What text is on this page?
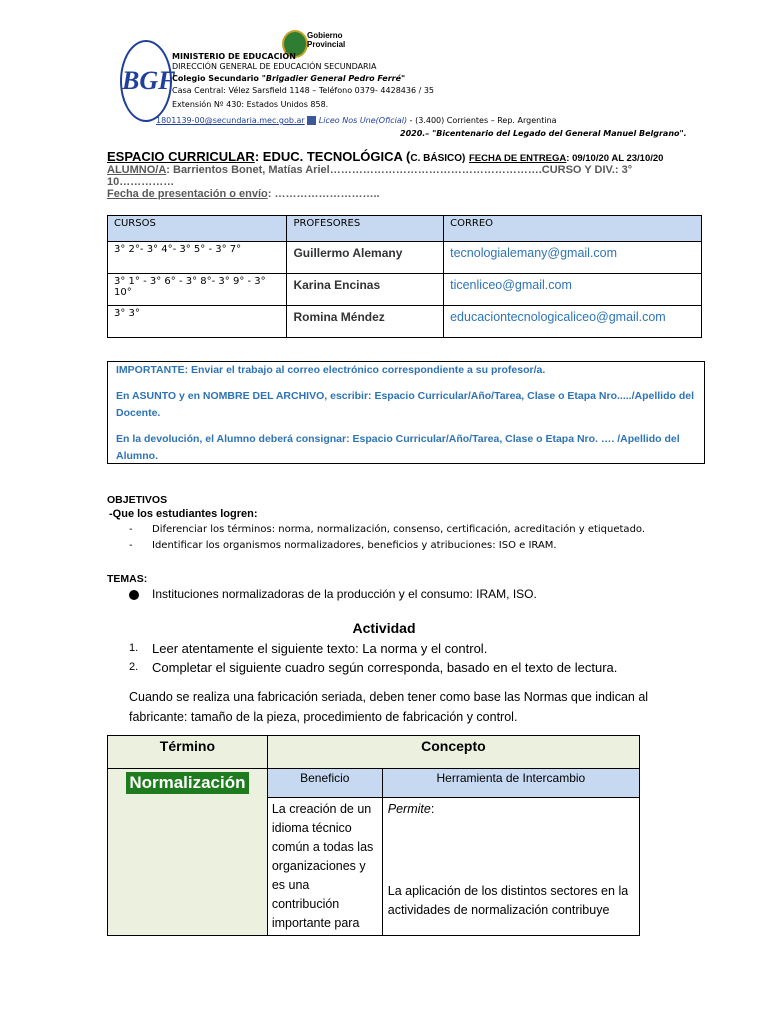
BGF
Gobierno
Provincial
MINISTERIO DE EDUCACIÓN
DIRECCIÓN GENERAL DE EDUCACIÓN SECUNDARIA
Colegio Secundario "Brigadier General Pedro Ferré"
Casa Central: Vélez Sarsfield 1148 – Teléfono 0379- 4428436 / 35
Extensión Nº 430: Estados Unidos 858.
1801139-00@secundaria.mec.gob.ar Liceo Nos Une(Oficial) - (3.400) Corrientes – Rep. Argentina
2020.– "Bicentenario del Legado del General Manuel Belgrano".
ESPACIO CURRICULAR: EDUC. TECNOLÓGICA (C. BÁSICO) FECHA DE ENTREGA: 09/10/20 AL 23/10/20
ALUMNO/A: Barrientos Bonet, Matías Ariel………………………………………………….CURSO Y DIV.: 3°
10……………
Fecha de presentación o envío: ………………………..
CURSOS	PROFESORES	CORREO
3° 2°- 3° 4°- 3° 5° - 3° 7°	Guillermo Alemany	tecnologialemany@gmail.com
3° 1° - 3° 6° - 3° 8°- 3° 9° - 3° 10°	Karina Encinas	ticenliceo@gmail.com
3° 3°	Romina Méndez	educaciontecnologicaliceo@gmail.com

IMPORTANTE: Enviar el trabajo al correo electrónico correspondiente a su profesor/a.

En ASUNTO y en NOMBRE DEL ARCHIVO, escribir: Espacio Curricular/Año/Tarea, Clase o Etapa Nro...../Apellido del Docente.

En la devolución, el Alumno deberá consignar: Espacio Curricular/Año/Tarea, Clase o Etapa Nro. …. /Apellido del Alumno.

OBJETIVOS
-Que los estudiantes logren:
- Diferenciar los términos: norma, normalización, consenso, certificación, acreditación y etiquetado.
- Identificar los organismos normalizadores, beneficios y atribuciones: ISO e IRAM.
TEMAS:
Instituciones normalizadoras de la producción y el consumo: IRAM, ISO.
Actividad
1. Leer atentamente el siguiente texto: La norma y el control.
2. Completar el siguiente cuadro según corresponda, basado en el texto de lectura.
Cuando se realiza una fabricación seriada, deben tener como base las Normas que indican al fabricante: tamaño de la pieza, procedimiento de fabricación y control.
Término	Concepto	
Normalización	Beneficio	Herramienta de Intercambio
	La creación de un idioma técnico común a todas las organizaciones y es una contribución importante para	Permite:
La aplicación de los distintos sectores en la actividades de normalización contribuye
